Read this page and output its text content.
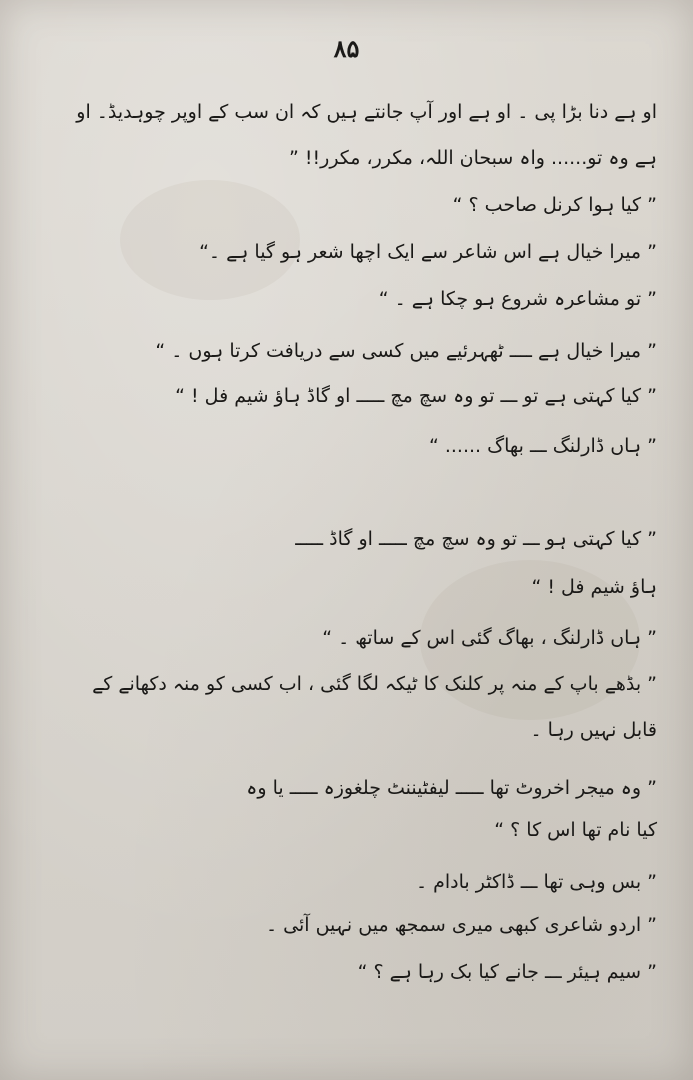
۸۵
او ہے دنا بڑا پی ۔ او ہے اور آپ جانتے ہیں کہ ان سب کے اوپر چوہدیڈ۔ او
ہے وہ تو...... واہ سبحان اللہ، مکرر، مکرر!! ”
” کیا ہوا کرنل صاحب ؟ “
” میرا خیال ہے اس شاعر سے ایک اچھا شعر ہو گیا ہے ۔“
” تو مشاعرہ شروع ہو چکا ہے ۔ “
” میرا خیال ہے ــــ ٹھہرئیے میں کسی سے دریافت کرتا ہوں ۔ “
” کیا کہتی ہے تو ـــ تو وہ سچ مچ ـــــ او گاڈ ہاؤ شیم فل ! “
” ہاں ڈارلنگ ـــ بھاگ ...... “
” کیا کہتی ہو ـــ تو وہ سچ مچ ـــــ او گاڈ ـــــ
ہاؤ شیم فل ! “
” ہاں ڈارلنگ ، بھاگ گئی اس کے ساتھ ۔ “
” بڈھے باپ کے منہ پر کلنک کا ٹیکہ لگا گئی ، اب کسی کو منہ دکھانے کے
قابل نہیں رہا ۔
” وہ میجر اخروٹ تھا ـــــ لیفٹیننٹ چلغوزہ ـــــ یا وہ
کیا نام تھا اس کا ؟ “
” بس وہی تھا ـــ ڈاکٹر بادام ۔
” اردو شاعری کبھی میری سمجھ میں نہیں آئی ۔
” سیم ہیئر ـــ جانے کیا بک رہا ہے ؟ “
